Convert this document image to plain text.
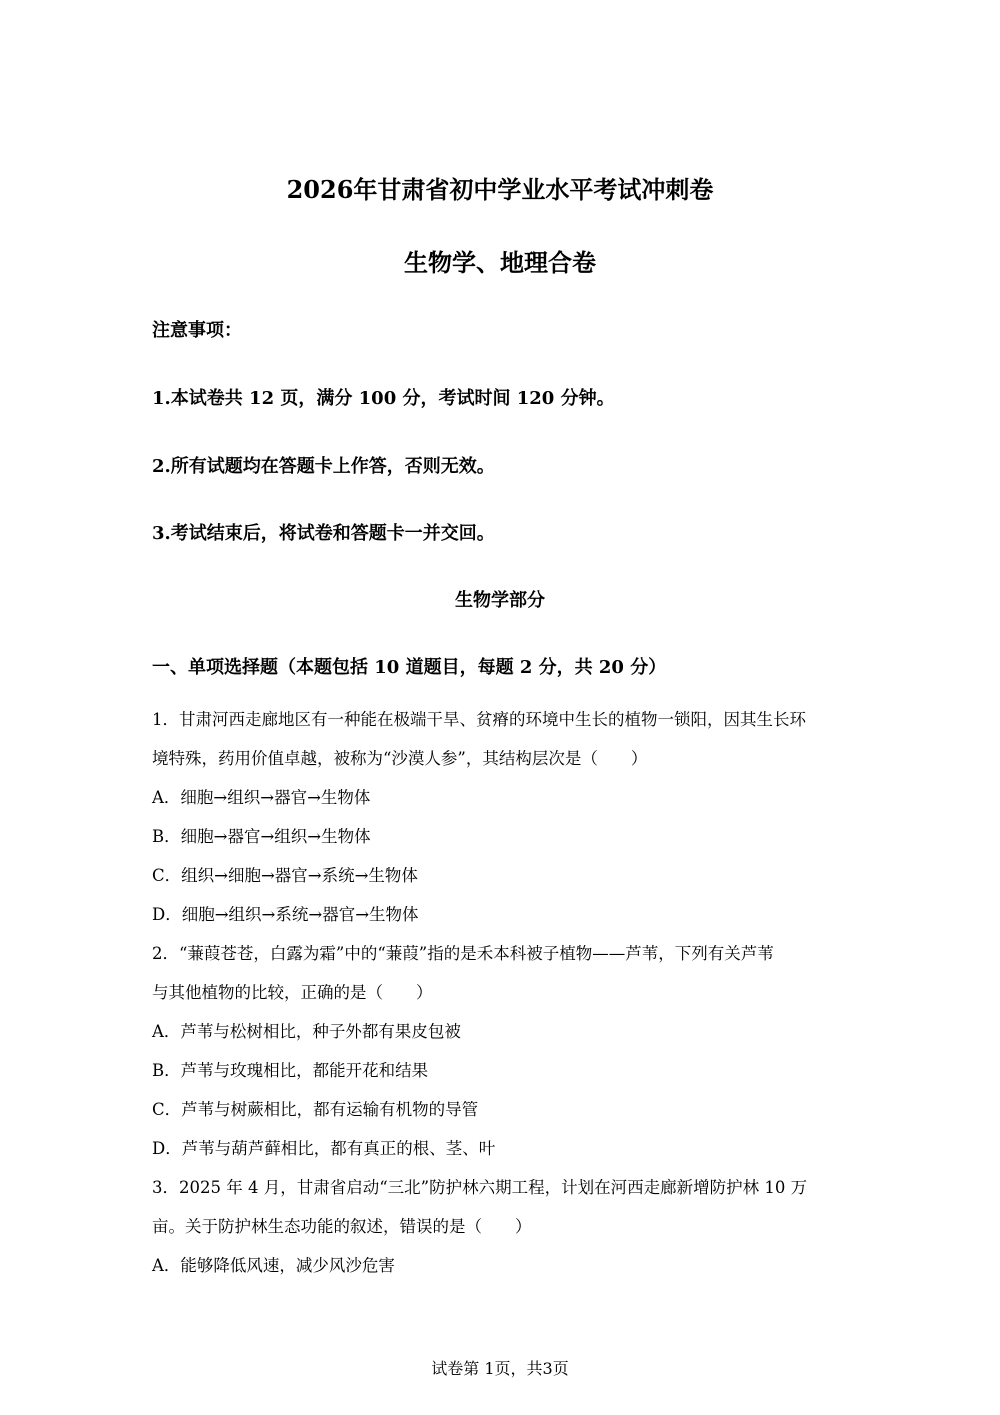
2026年甘肃省初中学业水平考试冲刺卷
生物学、地理合卷
注意事项：
1.本试卷共 12 页，满分 100 分，考试时间 120 分钟。
2.所有试题均在答题卡上作答，否则无效。
3.考试结束后，将试卷和答题卡一并交回。
生物学部分
一、单项选择题（本题包括 10 道题目，每题 2 分，共 20 分）
1．甘肃河西走廊地区有一种能在极端干旱、贫瘠的环境中生长的植物一锁阳，因其生长环
境特殊，药用价值卓越，被称为“沙漠人参”，其结构层次是（　　）
A．细胞→组织→器官→生物体
B．细胞→器官→组织→生物体
C．组织→细胞→器官→系统→生物体
D．细胞→组织→系统→器官→生物体
2．“蒹葭苍苍，白露为霜”中的“蒹葭”指的是禾本科被子植物——芦苇，下列有关芦苇
与其他植物的比较，正确的是（　　）
A．芦苇与松树相比，种子外都有果皮包被
B．芦苇与玫瑰相比，都能开花和结果
C．芦苇与树蕨相比，都有运输有机物的导管
D．芦苇与葫芦藓相比，都有真正的根、茎、叶
3．2025 年 4 月，甘肃省启动“三北”防护林六期工程，计划在河西走廊新增防护林 10 万
亩。关于防护林生态功能的叙述，错误的是（　　）
A．能够降低风速，减少风沙危害
试卷第 1页，共3页
